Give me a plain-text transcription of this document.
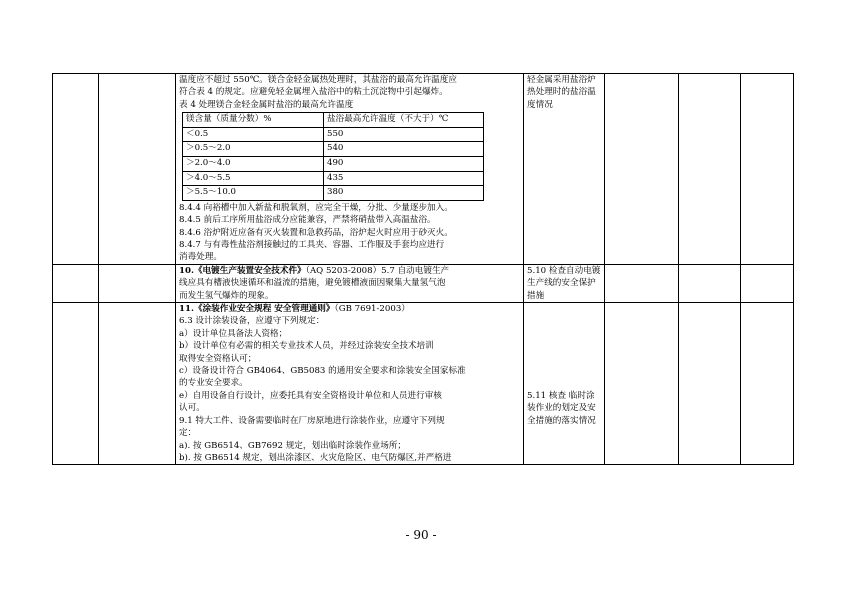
温度应不超过 550℃。镁合金轻金属热处理时，其盐浴的最高允许温度应
符合表 4 的规定。应避免轻金属埋入盐浴中的粘土沉淀物中引起爆炸。
表 4 处理镁合金轻金属时盐浴的最高允许温度
镁含量（质量分数）%	盐浴最高允许温度（不大于）℃
＜0.5	550
＞0.5～2.0	540
＞2.0～4.0	490
＞4.0～5.5	435
＞5.5～10.0	380
8.4.4 向裕槽中加入新盐和脱氧剂，应完全干燥，分批、少量逐步加入。
8.4.5 前后工序所用盐浴成分应能兼容，严禁将硝盐带入高温盐浴。
8.4.6 浴炉附近应备有灭火装置和急救药品，浴炉起火时应用于砂灭火。
8.4.7 与有毒性盐浴剂接触过的工具夹、容器、工作服及手套均应进行
消毒处理。

轻金属采用盐浴炉
热处理时的盐浴温
度情况

10.《电镀生产装置安全技术件》（AQ 5203-2008）5.7 自动电镀生产
线应具有槽液快速循环和溢流的措施，避免镀槽液面因聚集大量氢气泡
而发生氢气爆炸的现象。

5.10 检查自动电镀
生产线的安全保护
措施

11.《涂装作业安全规程 安全管理通则》（GB 7691-2003）
6.3 设计涂装设备，应遵守下列规定：
a）设计单位具备法人资格；
b）设计单位有必需的相关专业技术人员，并经过涂装安全技术培训
取得安全资格认可；
c）设备设计符合 GB4064、GB5083 的通用安全要求和涂装安全国家标准
的专业安全要求。
e）自用设备自行设计，应委托具有安全资格设计单位和人员进行审核
认可。
9.1 特大工件、设备需要临时在厂房原地进行涂装作业，应遵守下列规
定：
a). 按 GB6514、GB7692 规定，划出临时涂装作业场所；
b). 按 GB6514 规定，划出涂漆区、火灾危险区、电气防爆区,并严格进

5.11 核查 临时涂
装作业的划定及安
全措施的落实情况

- 90 -
